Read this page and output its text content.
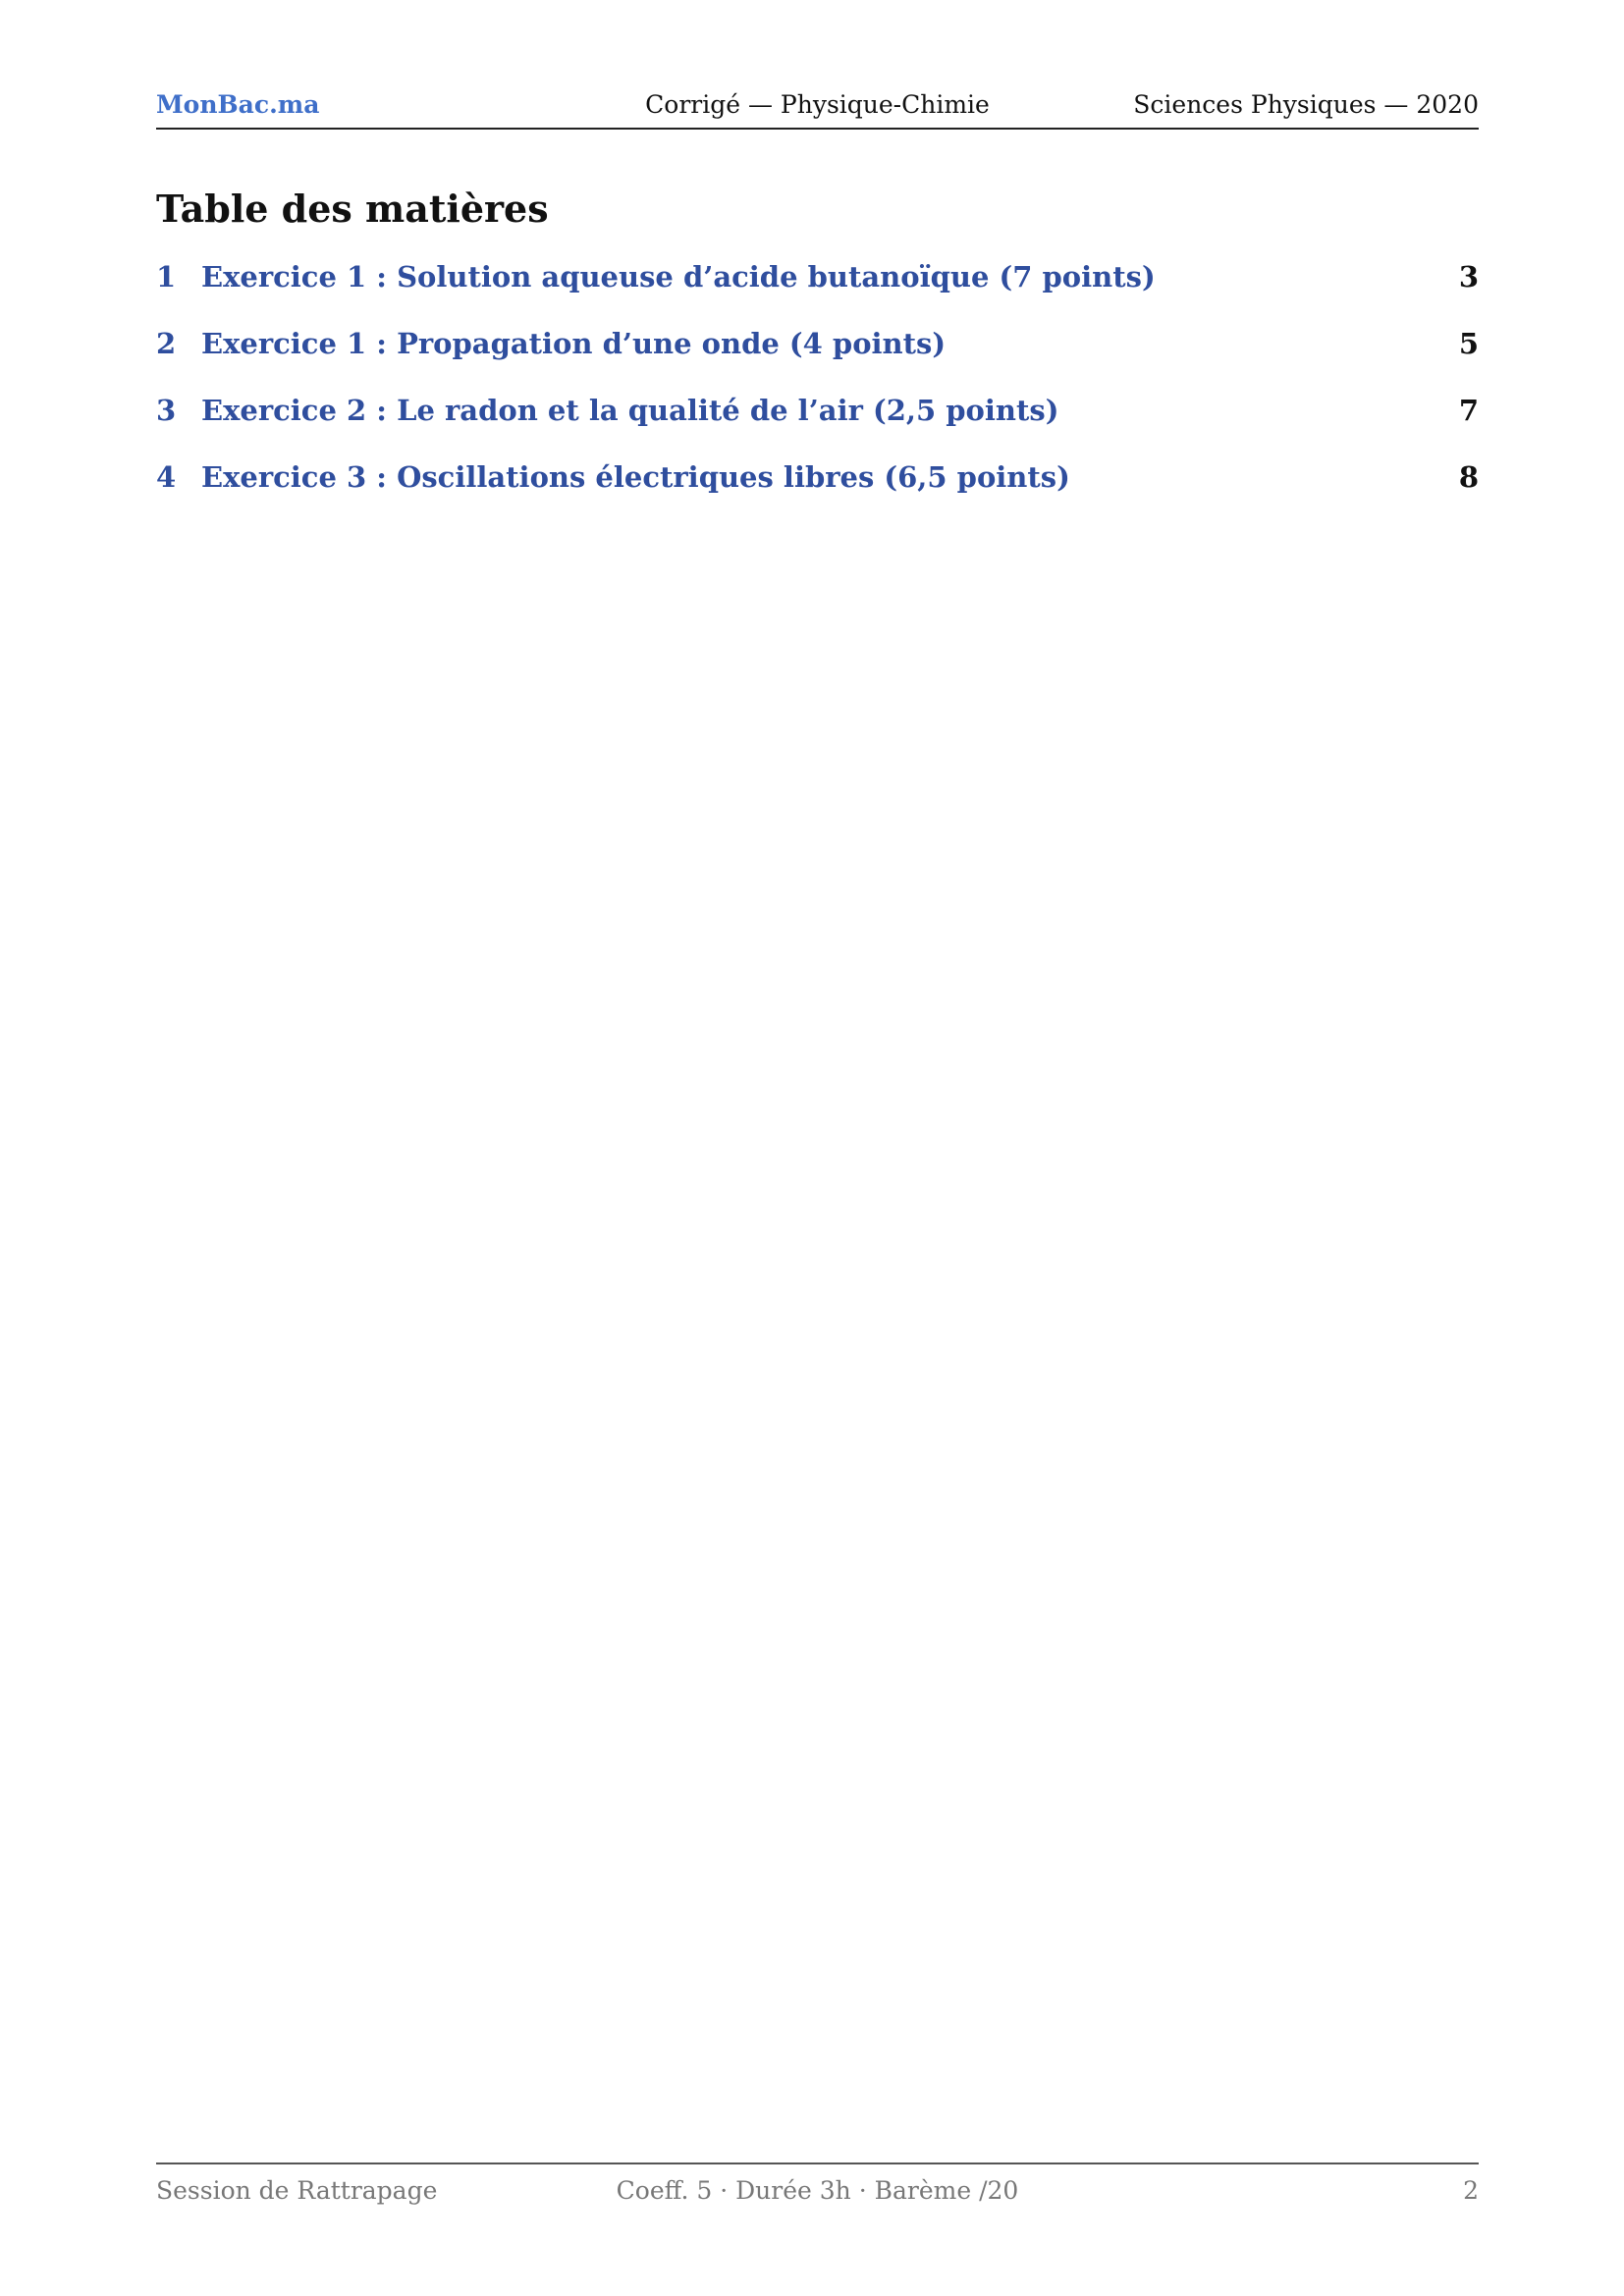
MonBac.ma	Corrigé — Physique-Chimie	Sciences Physiques — 2020
Table des matières
1 Exercice 1 : Solution aqueuse d’acide butanoïque (7 points)	3
2 Exercice 1 : Propagation d’une onde (4 points)	5
3 Exercice 2 : Le radon et la qualité de l’air (2,5 points)	7
4 Exercice 3 : Oscillations électriques libres (6,5 points)	8
Session de Rattrapage	Coeff. 5 · Durée 3h · Barème /20	2
